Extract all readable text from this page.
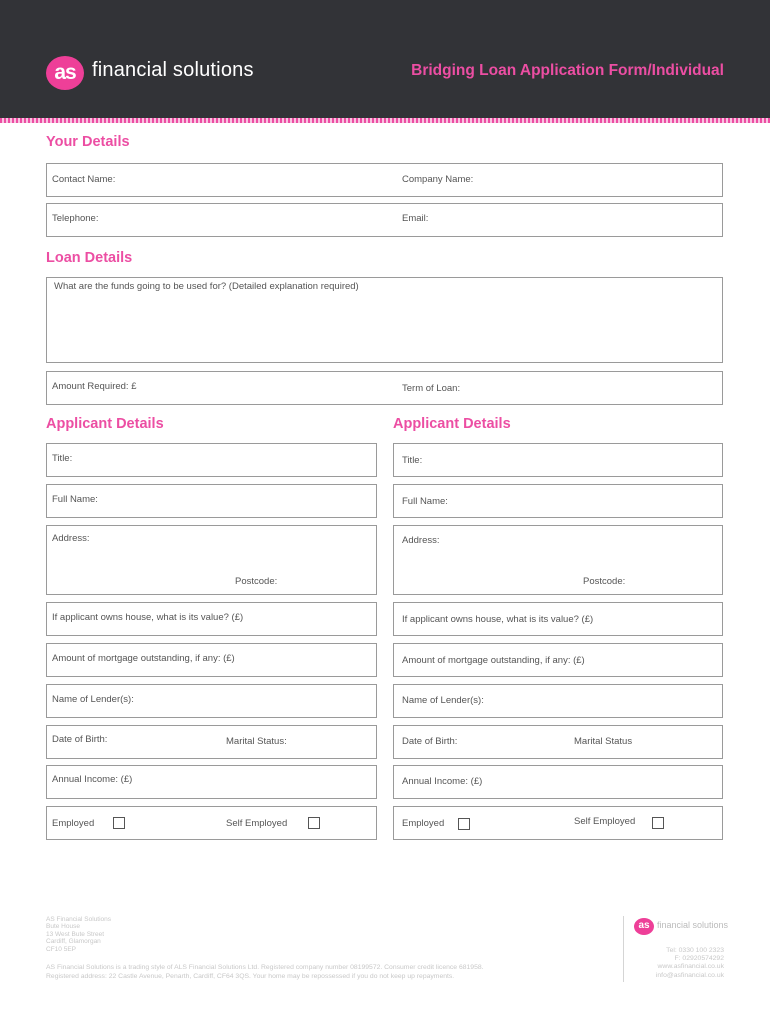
as financial solutions	Bridging Loan Application Form/Individual
Your Details
Contact Name:	Company Name:
Telephone:	Email:
Loan Details
What are the funds going to be used for? (Detailed explanation required)
Amount Required: £	Term of Loan:
Applicant Details
Title:
Full Name:
Address:
Postcode:
If applicant owns house, what is its value? (£)
Amount of mortgage outstanding, if any: (£)
Name of Lender(s):
Date of Birth:	Marital Status:
Annual Income: (£)
Employed	Self Employed
Applicant Details
Title:
Full Name:
Address:
Postcode:
If applicant owns house, what is its value? (£)
Amount of mortgage outstanding, if any: (£)
Name of Lender(s):
Date of Birth:	Marital Status
Annual Income: (£)
Employed	Self Employed
AS Financial Solutions
Bute House
13 West Bute Street
Cardiff, Glamorgan
CF10 5EP
AS Financial Solutions is a trading style of ALS Financial Solutions Ltd. Registered company number 08199572. Consumer credit licence 681958.
Registered address: 22 Castle Avenue, Penarth, Cardiff, CF64 3QS. Your home may be repossessed if you do not keep up repayments.
as financial solutions
Tel: 0330 100 2323
F: 02920574292
www.asfinancial.co.uk
info@asfinancial.co.uk
